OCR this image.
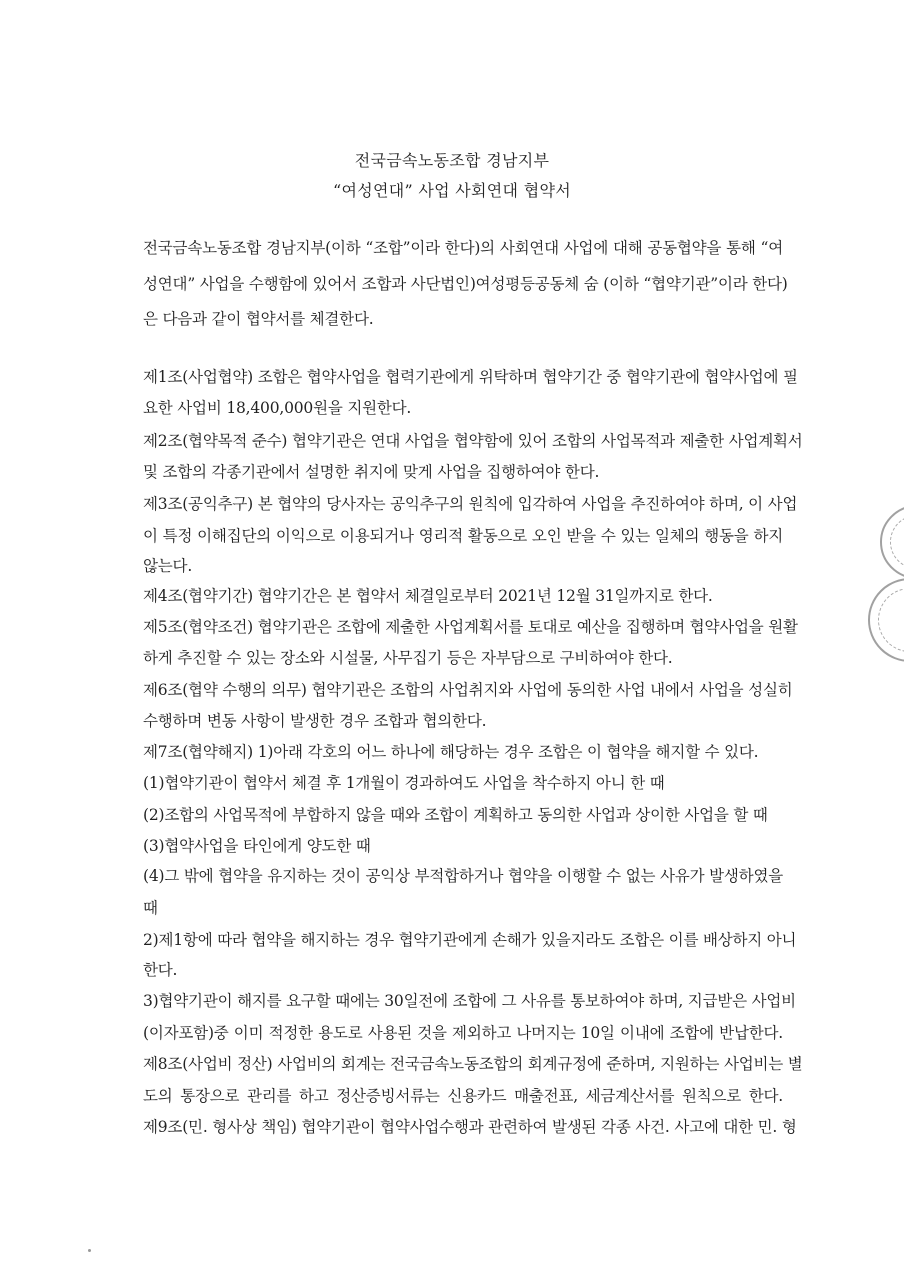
전국금속노동조합 경남지부
“여성연대” 사업 사회연대 협약서
전국금속노동조합 경남지부(이하 “조합”이라 한다)의 사회연대 사업에 대해 공동협약을 통해 “여
성연대” 사업을 수행함에 있어서 조합과 사단법인)여성평등공동체 숨 (이하 “협약기관”이라 한다)
은 다음과 같이 협약서를 체결한다.
제1조(사업협약) 조합은 협약사업을 협력기관에게 위탁하며 협약기간 중 협약기관에 협약사업에 필
요한 사업비 18,400,000원을 지원한다.
제2조(협약목적 준수) 협약기관은 연대 사업을 협약함에 있어 조합의 사업목적과 제출한 사업계획서
및 조합의 각종기관에서 설명한 취지에 맞게 사업을 집행하여야 한다.
제3조(공익추구) 본 협약의 당사자는 공익추구의 원칙에 입각하여 사업을 추진하여야 하며, 이 사업
이 특정 이해집단의 이익으로 이용되거나 영리적 활동으로 오인 받을 수 있는 일체의 행동을 하지
않는다.
제4조(협약기간) 협약기간은 본 협약서 체결일로부터 2021년 12월 31일까지로 한다.
제5조(협약조건) 협약기관은 조합에 제출한 사업계획서를 토대로 예산을 집행하며 협약사업을 원활
하게 추진할 수 있는 장소와 시설물, 사무집기 등은 자부담으로 구비하여야 한다.
제6조(협약 수행의 의무) 협약기관은 조합의 사업취지와 사업에 동의한 사업 내에서 사업을 성실히
수행하며 변동 사항이 발생한 경우 조합과 협의한다.
제7조(협약해지) 1)아래 각호의 어느 하나에 해당하는 경우 조합은 이 협약을 해지할 수 있다.
(1)협약기관이 협약서 체결 후 1개월이 경과하여도 사업을 착수하지 아니 한 때
(2)조합의 사업목적에 부합하지 않을 때와 조합이 계획하고 동의한 사업과 상이한 사업을 할 때
(3)협약사업을 타인에게 양도한 때
(4)그 밖에 협약을 유지하는 것이 공익상 부적합하거나 협약을 이행할 수 없는 사유가 발생하였을
때
2)제1항에 따라 협약을 해지하는 경우 협약기관에게 손해가 있을지라도 조합은 이를 배상하지 아니
한다.
3)협약기관이 해지를 요구할 때에는 30일전에 조합에 그 사유를 통보하여야 하며, 지급받은 사업비
(이자포함)중 이미 적정한 용도로 사용된 것을 제외하고 나머지는 10일 이내에 조합에 반납한다.
제8조(사업비 정산) 사업비의 회계는 전국금속노동조합의 회계규정에 준하며, 지원하는 사업비는 별
도의 통장으로 관리를 하고 정산증빙서류는 신용카드 매출전표, 세금계산서를 원칙으로 한다.
제9조(민. 형사상 책임) 협약기관이 협약사업수행과 관련하여 발생된 각종 사건. 사고에 대한 민. 형
